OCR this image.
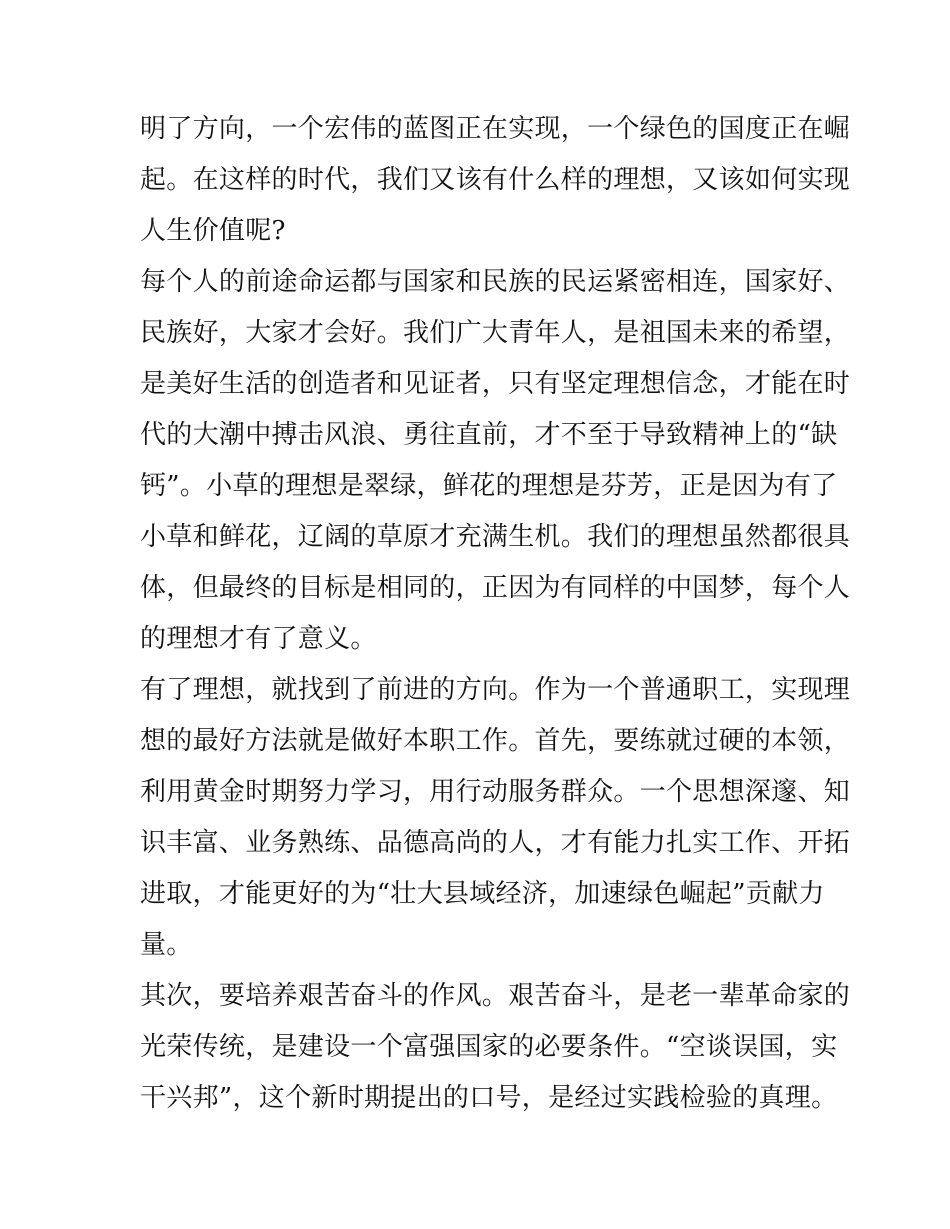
明了方向，一个宏伟的蓝图正在实现，一个绿色的国度正在崛
起。在这样的时代，我们又该有什么样的理想，又该如何实现
人生价值呢?
每个人的前途命运都与国家和民族的民运紧密相连，国家好、
民族好，大家才会好。我们广大青年人，是祖国未来的希望，
是美好生活的创造者和见证者，只有坚定理想信念，才能在时
代的大潮中搏击风浪、勇往直前，才不至于导致精神上的“缺
钙”。小草的理想是翠绿，鲜花的理想是芬芳，正是因为有了
小草和鲜花，辽阔的草原才充满生机。我们的理想虽然都很具
体，但最终的目标是相同的，正因为有同样的中国梦，每个人
的理想才有了意义。
有了理想，就找到了前进的方向。作为一个普通职工，实现理
想的最好方法就是做好本职工作。首先，要练就过硬的本领，
利用黄金时期努力学习，用行动服务群众。一个思想深邃、知
识丰富、业务熟练、品德高尚的人，才有能力扎实工作、开拓
进取，才能更好的为“壮大县域经济，加速绿色崛起”贡献力
量。
其次，要培养艰苦奋斗的作风。艰苦奋斗，是老一辈革命家的
光荣传统，是建设一个富强国家的必要条件。“空谈误国，实
干兴邦”，这个新时期提出的口号，是经过实践检验的真理。
